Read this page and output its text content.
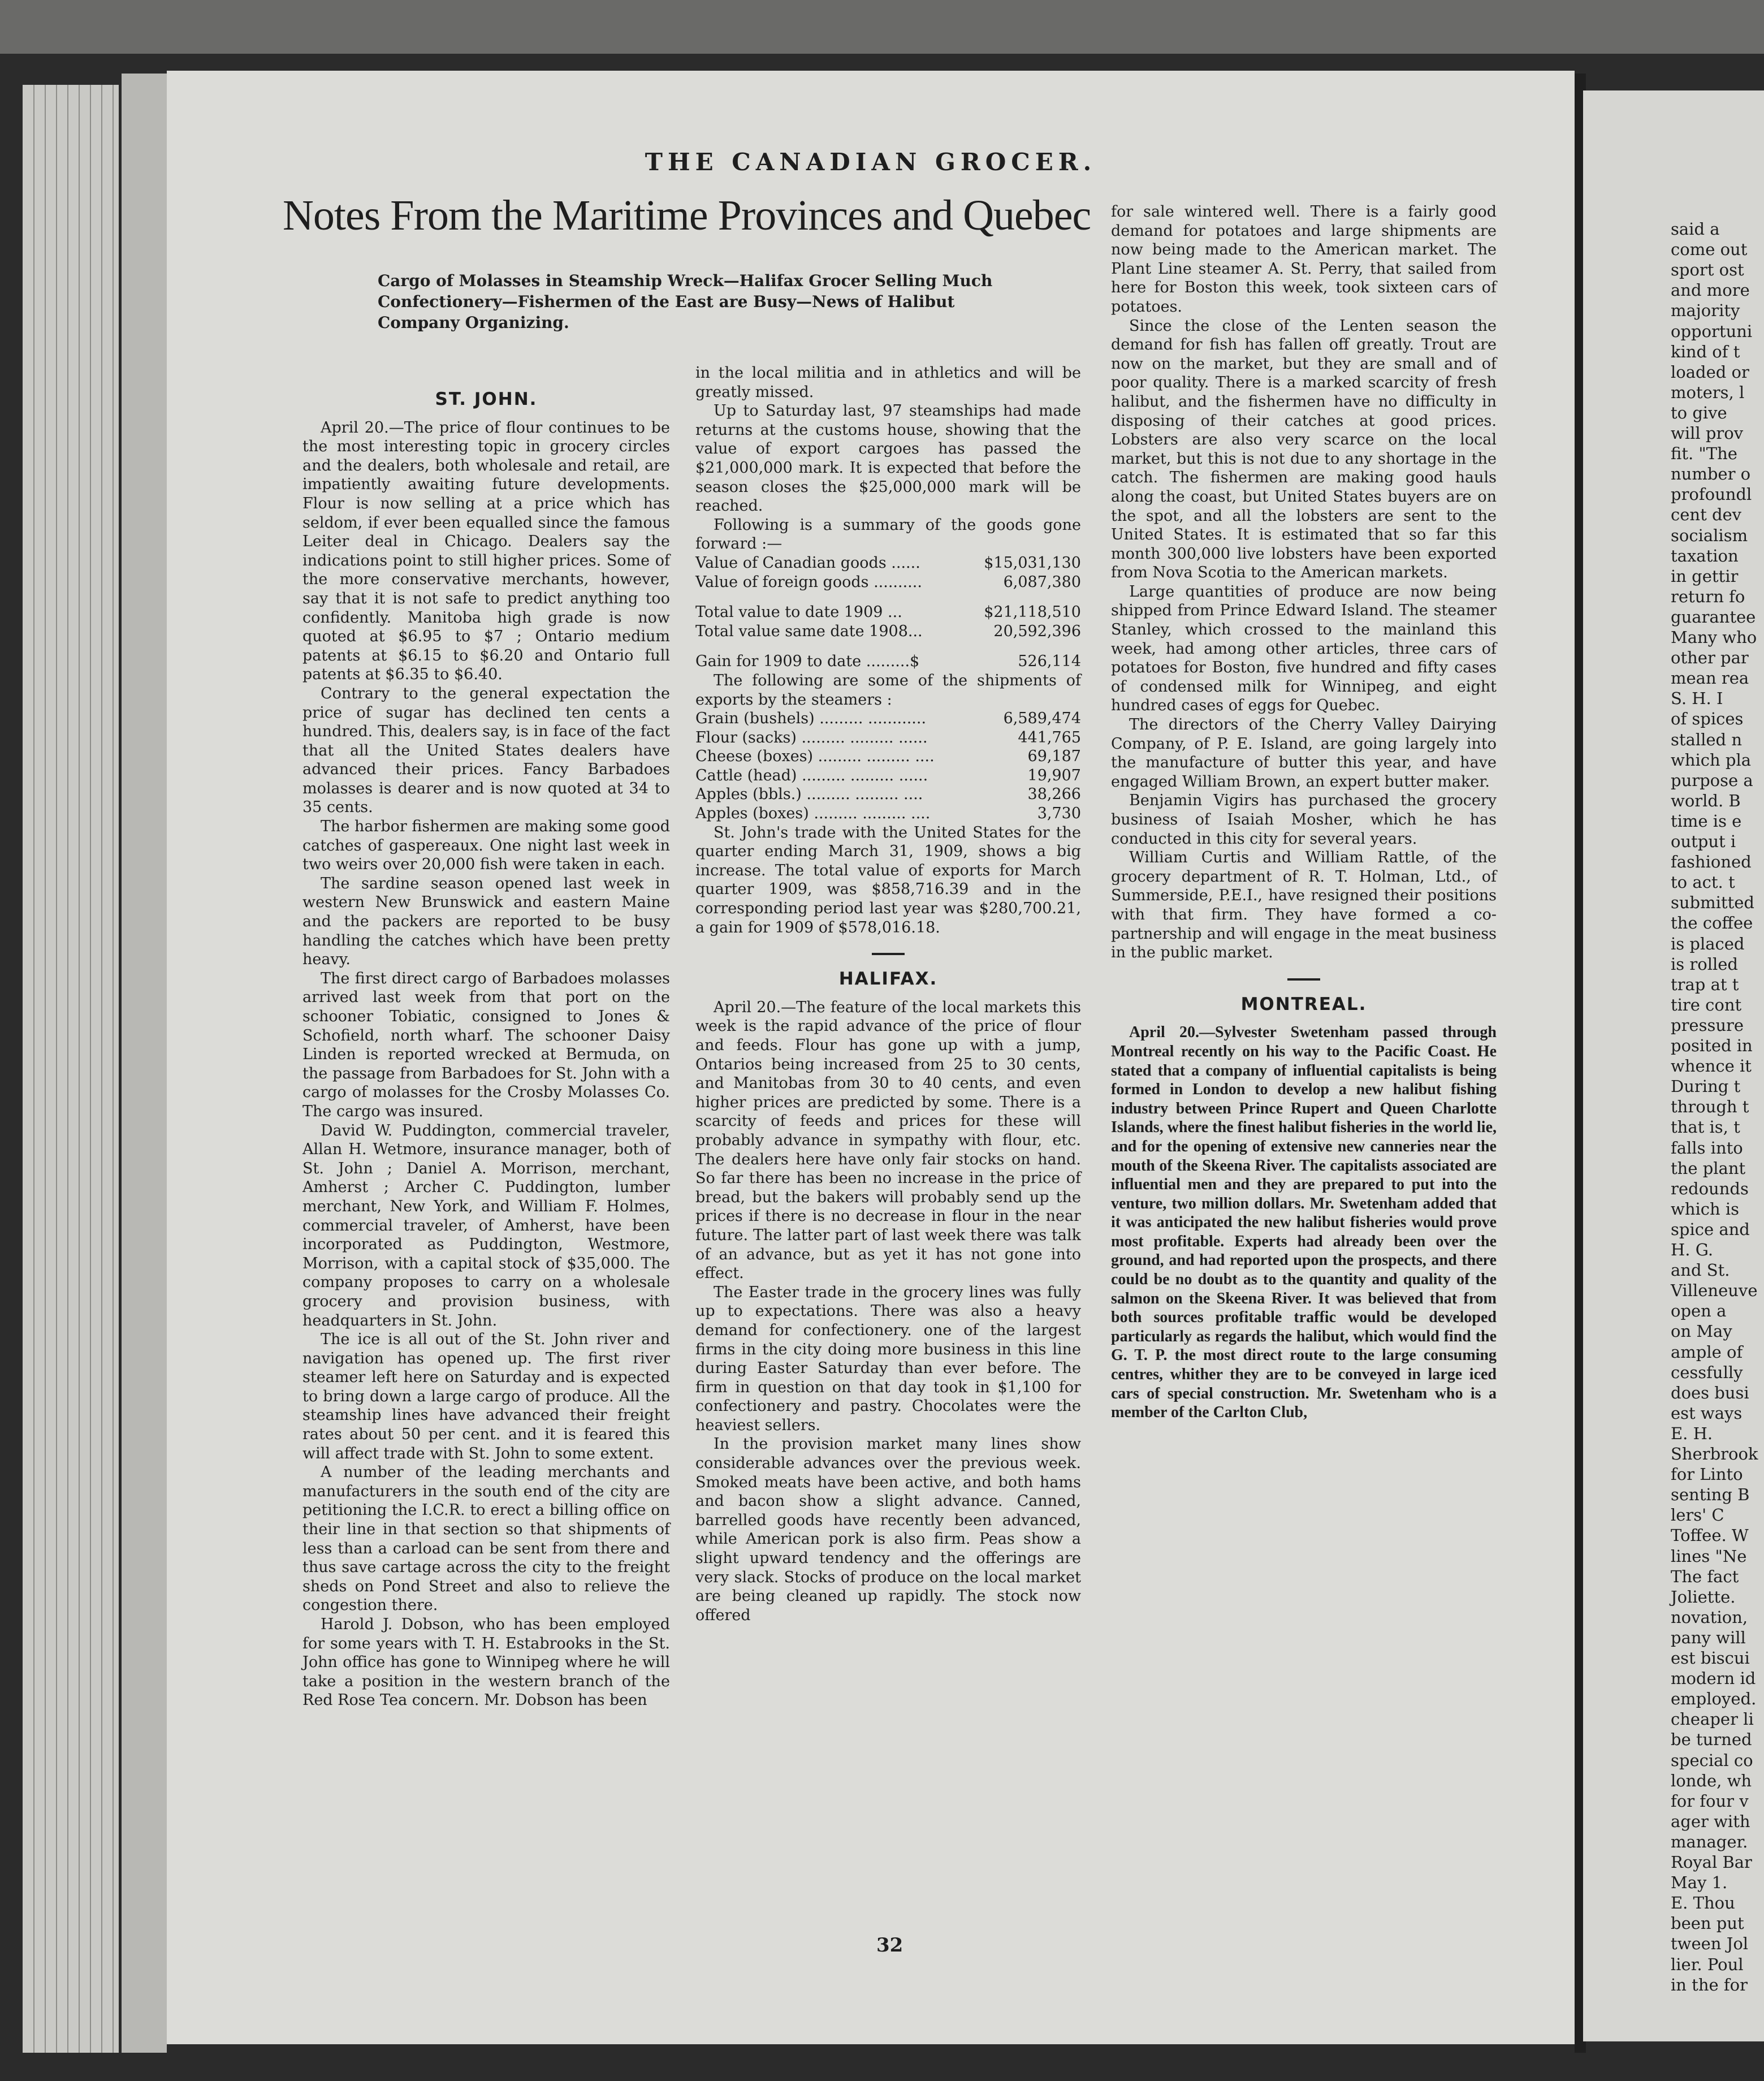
THE CANADIAN GROCER.
Notes From the Maritime Provinces and Quebec
Cargo of Molasses in Steamship Wreck—Halifax Grocer Selling Much Confectionery—Fishermen of the East are Busy—News of Halibut Company Organizing.
ST. JOHN.

April 20.—The price of flour continues to be the most interesting topic in grocery circles and the dealers, both wholesale and retail, are impatiently awaiting future developments. Flour is now selling at a price which has seldom, if ever been equalled since the famous Leiter deal in Chicago. Dealers say the indications point to still higher prices. Some of the more conservative merchants, however, say that it is not safe to predict anything too confidently. Manitoba high grade is now quoted at $6.95 to $7 ; Ontario medium patents at $6.15 to $6.20 and Ontario full patents at $6.35 to $6.40.

Contrary to the general expectation the price of sugar has declined ten cents a hundred. This, dealers say, is in face of the fact that all the United States dealers have advanced their prices. Fancy Barbadoes molasses is dearer and is now quoted at 34 to 35 cents.

The harbor fishermen are making some good catches of gaspereaux. One night last week in two weirs over 20,000 fish were taken in each.

The sardine season opened last week in western New Brunswick and eastern Maine and the packers are reported to be busy handling the catches which have been pretty heavy.

The first direct cargo of Barbadoes molasses arrived last week from that port on the schooner Tobiatic, consigned to Jones & Schofield, north wharf. The schooner Daisy Linden is reported wrecked at Bermuda, on the passage from Barbadoes for St. John with a cargo of molasses for the Crosby Molasses Co. The cargo was insured.

David W. Puddington, commercial traveler, Allan H. Wetmore, insurance manager, both of St. John ; Daniel A. Morrison, merchant, Amherst ; Archer C. Puddington, lumber merchant, New York, and William F. Holmes, commercial traveler, of Amherst, have been incorporated as Puddington, Westmore, Morrison, with a capital stock of $35,000. The company proposes to carry on a wholesale grocery and provision business, with headquarters in St. John.

The ice is all out of the St. John river and navigation has opened up. The first river steamer left here on Saturday and is expected to bring down a large cargo of produce. All the steamship lines have advanced their freight rates about 50 per cent. and it is feared this will affect trade with St. John to some extent.

A number of the leading merchants and manufacturers in the south end of the city are petitioning the I.C.R. to erect a billing office on their line in that section so that shipments of less than a carload can be sent from there and thus save cartage across the city to the freight sheds on Pond Street and also to relieve the congestion there.

Harold J. Dobson, who has been employed for some years with T. H. Estabrooks in the St. John office has gone to Winnipeg where he will take a position in the western branch of the Red Rose Tea concern. Mr. Dobson has been

in the local militia and in athletics and will be greatly missed.

Up to Saturday last, 97 steamships had made returns at the customs house, showing that the value of export cargoes has passed the $21,000,000 mark. It is expected that before the season closes the $25,000,000 mark will be reached.

Following is a summary of the goods gone forward :—

Value of Canadian goods ......	$15,031,130
Value of foreign goods ..........	6,087,380
Total value to date 1909 ...	$21,118,510
Total value same date 1908...	20,592,396
Gain for 1909 to date .........$	526,114

The following are some of the shipments of exports by the steamers :

Grain (bushels) ......... ............	6,589,474
Flour (sacks) ......... ......... ......	441,765
Cheese (boxes) ......... ......... ....	69,187
Cattle (head) ......... ......... ......	19,907
Apples (bbls.) ......... ......... ....	38,266
Apples (boxes) ......... ......... ....	3,730

St. John's trade with the United States for the quarter ending March 31, 1909, shows a big increase. The total value of exports for March quarter 1909, was $858,716.39 and in the corresponding period last year was $280,700.21, a gain for 1909 of $578,016.18.

HALIFAX.

April 20.—The feature of the local markets this week is the rapid advance of the price of flour and feeds. Flour has gone up with a jump, Ontarios being increased from 25 to 30 cents, and Manitobas from 30 to 40 cents, and even higher prices are predicted by some. There is a scarcity of feeds and prices for these will probably advance in sympathy with flour, etc. The dealers here have only fair stocks on hand. So far there has been no increase in the price of bread, but the bakers will probably send up the prices if there is no decrease in flour in the near future. The latter part of last week there was talk of an advance, but as yet it has not gone into effect.

The Easter trade in the grocery lines was fully up to expectations. There was also a heavy demand for confectionery. one of the largest firms in the city doing more business in this line during Easter Saturday than ever before. The firm in question on that day took in $1,100 for confectionery and pastry. Chocolates were the heaviest sellers.

In the provision market many lines show considerable advances over the previous week. Smoked meats have been active, and both hams and bacon show a slight advance. Canned, barrelled goods have recently been advanced, while American pork is also firm. Peas show a slight upward tendency and the offerings are very slack. Stocks of produce on the local market are being cleaned up rapidly. The stock now offered

for sale wintered well. There is a fairly good demand for potatoes and large shipments are now being made to the American market. The Plant Line steamer A. St. Perry, that sailed from here for Boston this week, took sixteen cars of potatoes.

Since the close of the Lenten season the demand for fish has fallen off greatly. Trout are now on the market, but they are small and of poor quality. There is a marked scarcity of fresh halibut, and the fishermen have no difficulty in disposing of their catches at good prices. Lobsters are also very scarce on the local market, but this is not due to any shortage in the catch. The fishermen are making good hauls along the coast, but United States buyers are on the spot, and all the lobsters are sent to the United States. It is estimated that so far this month 300,000 live lobsters have been exported from Nova Scotia to the American markets.

Large quantities of produce are now being shipped from Prince Edward Island. The steamer Stanley, which crossed to the mainland this week, had among other articles, three cars of potatoes for Boston, five hundred and fifty cases of condensed milk for Winnipeg, and eight hundred cases of eggs for Quebec.

The directors of the Cherry Valley Dairying Company, of P. E. Island, are going largely into the manufacture of butter this year, and have engaged William Brown, an expert butter maker.

Benjamin Vigirs has purchased the grocery business of Isaiah Mosher, which he has conducted in this city for several years.

William Curtis and William Rattle, of the grocery department of R. T. Holman, Ltd., of Summerside, P.E.I., have resigned their positions with that firm. They have formed a co-partnership and will engage in the meat business in the public market.

MONTREAL.

April 20.—Sylvester Swetenham passed through Montreal recently on his way to the Pacific Coast. He stated that a company of influential capitalists is being formed in London to develop a new halibut fishing industry between Prince Rupert and Queen Charlotte Islands, where the finest halibut fisheries in the world lie, and for the opening of extensive new canneries near the mouth of the Skeena River. The capitalists associated are influential men and they are prepared to put into the venture, two million dollars. Mr. Swetenham added that it was anticipated the new halibut fisheries would prove most profitable. Experts had already been over the ground, and had reported upon the prospects, and there could be no doubt as to the quantity and quality of the salmon on the Skeena River. It was believed that from both sources profitable traffic would be developed particularly as regards the halibut, which would find the G. T. P. the most direct route to the large consuming centres, whither they are to be conveyed in large iced cars of special construction. Mr. Swetenham who is a member of the Carlton Club,

32
said a
come out
sport ost
and more
majority
opportuni
kind of t
loaded or
moters, l
to give
will prov
fit. "The
number o
profoundl
cent dev
socialism
taxation
in gettir
return fo
guarantee
Many who
other par
mean rea
S. H. I
of spices
stalled n
which pla
purpose a
world. B
time is e
output i
fashioned
to act. t
submitted
the coffee
is placed
is rolled
trap at t
tire cont
pressure
posited in
whence it
During t
through t
that is, t
falls into
the plant
redounds
which is
spice and
H. G.
and St.
Villeneuve
open a
on May
ample of
cessfully
does busi
est ways
E. H.
Sherbrook
for Linto
senting B
lers' C
Toffee. W
lines "Ne
The fact
Joliette.
novation,
pany will
est biscui
modern id
employed.
cheaper li
be turned
special co
londe, wh
for four v
ager with
manager.
Royal Bar
May 1.
E. Thou
been put
tween Jol
lier. Poul
in the for
